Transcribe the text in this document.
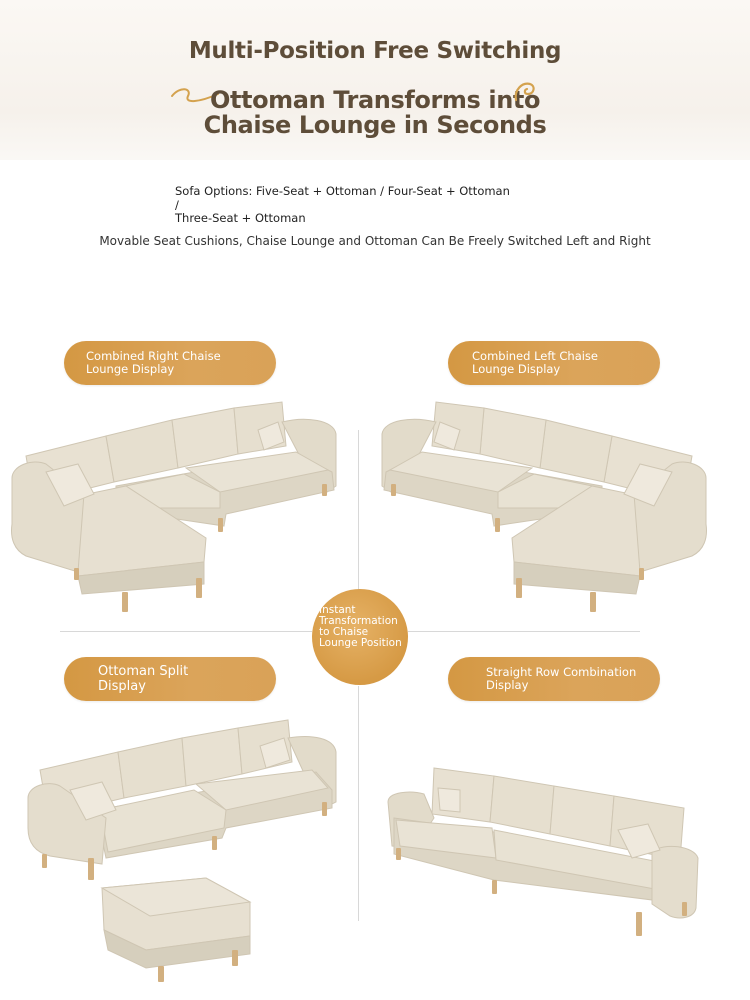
Multi-Position Free Switching
Ottoman Transforms into
Chaise Lounge in Seconds
Sofa Options: Five-Seat + Ottoman / Four-Seat + Ottoman /
Three-Seat + Ottoman
Movable Seat Cushions, Chaise Lounge and Ottoman Can Be Freely Switched Left and Right
Combined Right Chaise Lounge Display
Combined Left Chaise Lounge Display
Ottoman Split Display
Straight Row Combination Display
Instant Transformation to Chaise Lounge Position
